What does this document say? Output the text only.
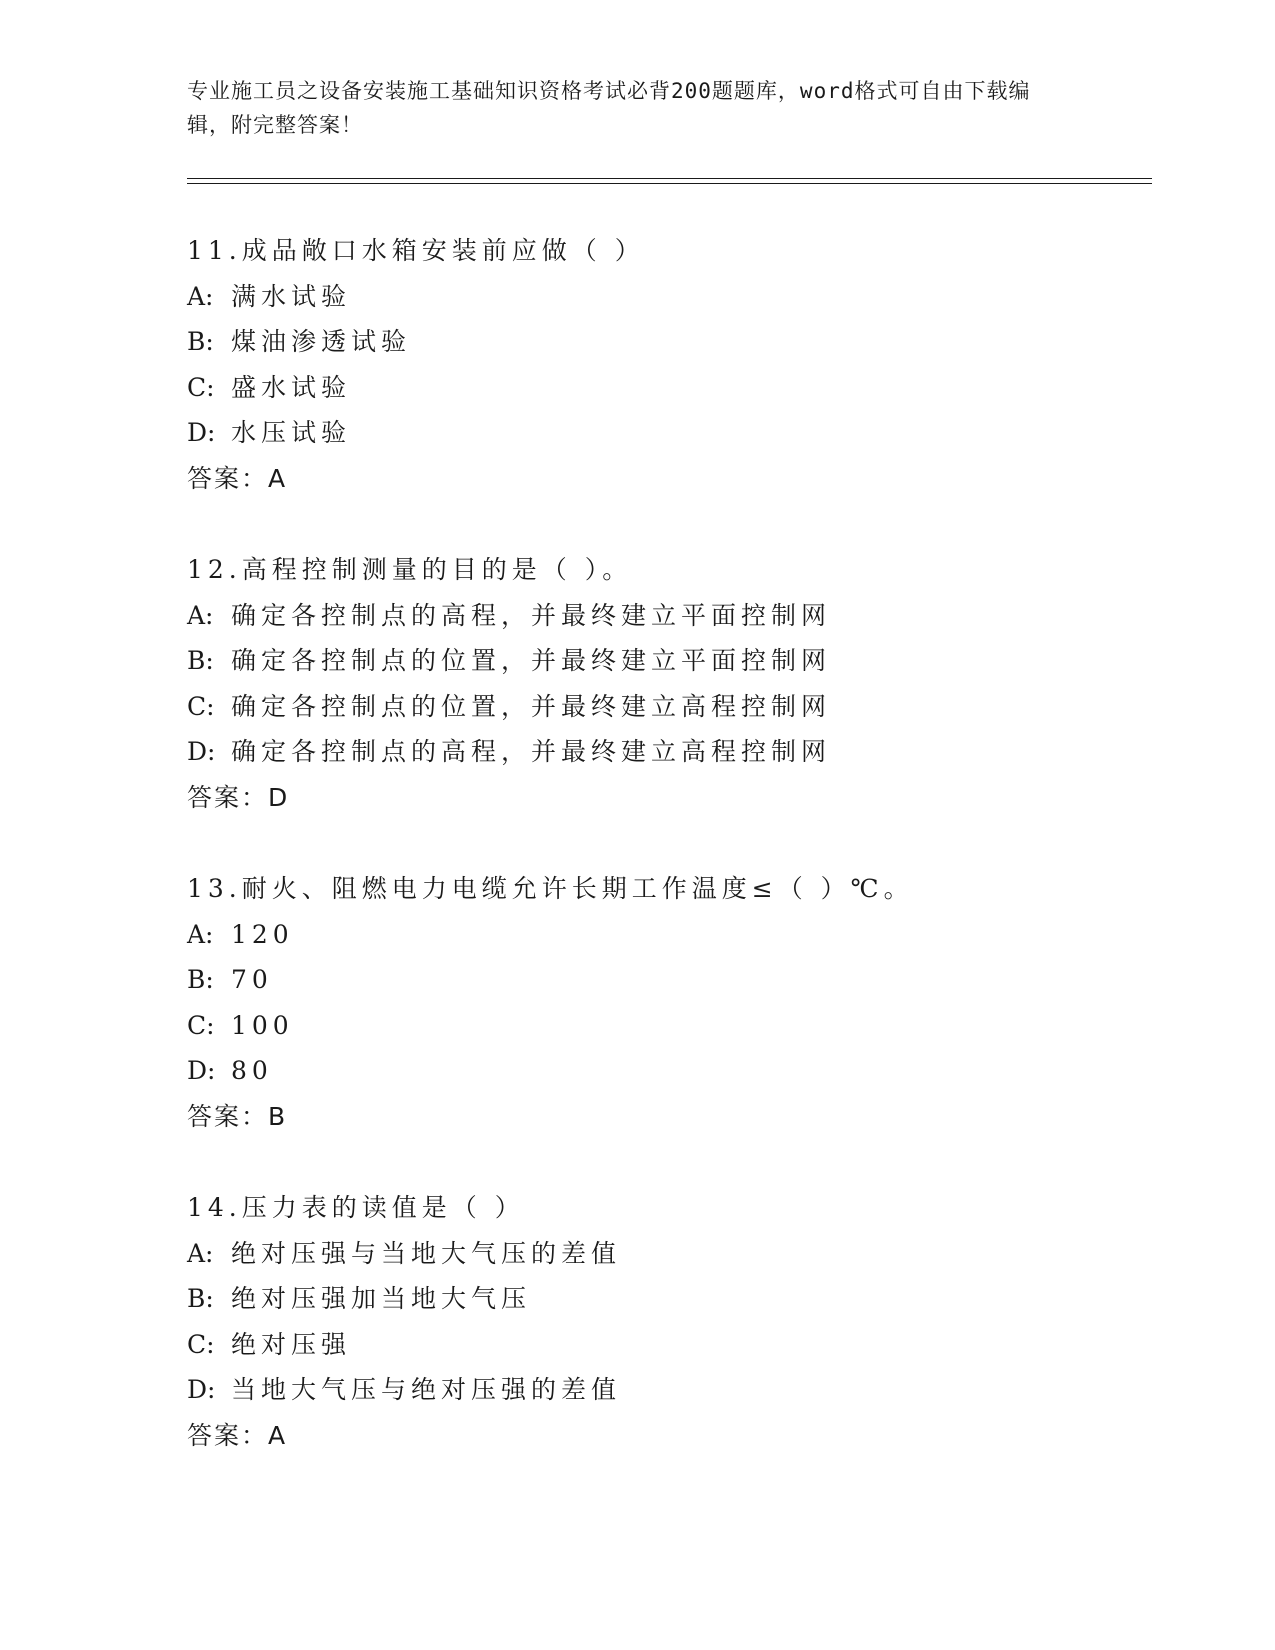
专业施工员之设备安装施工基础知识资格考试必背200题题库，word格式可自由下载编辑，附完整答案！
11.成品敞口水箱安装前应做（ ）
A: 满水试验
B: 煤油渗透试验
C: 盛水试验
D: 水压试验
答案：A
12.高程控制测量的目的是（ ）。
A: 确定各控制点的高程，并最终建立平面控制网
B: 确定各控制点的位置，并最终建立平面控制网
C: 确定各控制点的位置，并最终建立高程控制网
D: 确定各控制点的高程，并最终建立高程控制网
答案：D
13.耐火、阻燃电力电缆允许长期工作温度≤（ ）℃。
A: 120
B: 70
C: 100
D: 80
答案：B
14.压力表的读值是（ ）
A: 绝对压强与当地大气压的差值
B: 绝对压强加当地大气压
C: 绝对压强
D: 当地大气压与绝对压强的差值
答案：A
